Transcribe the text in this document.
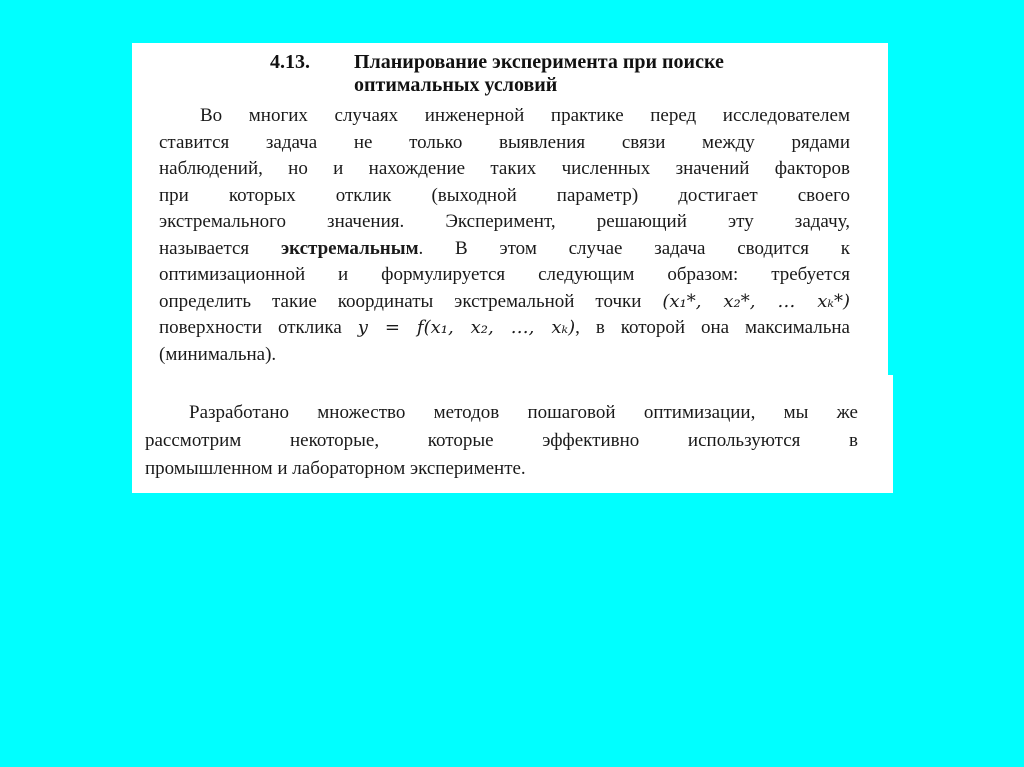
4.13. Планирование эксперимента при поиске
оптимальных условий
Во многих случаях инженерной практике перед исследователем
ставится задача не только выявления связи между рядами
наблюдений, но и нахождение таких численных значений факторов
при которых отклик (выходной параметр) достигает своего
экстремального значения. Эксперимент, решающий эту задачу,
называется экстремальным. В этом случае задача сводится к
оптимизационной и формулируется следующим образом: требуется
определить такие координаты экстремальной точки (x₁*, x₂*, … xₖ*)
поверхности отклика y = f(x₁, x₂, …, xₖ), в которой она максимальна
(минимальна).
Разработано множество методов пошаговой оптимизации, мы же
рассмотрим некоторые, которые эффективно используются в
промышленном и лабораторном эксперименте.
